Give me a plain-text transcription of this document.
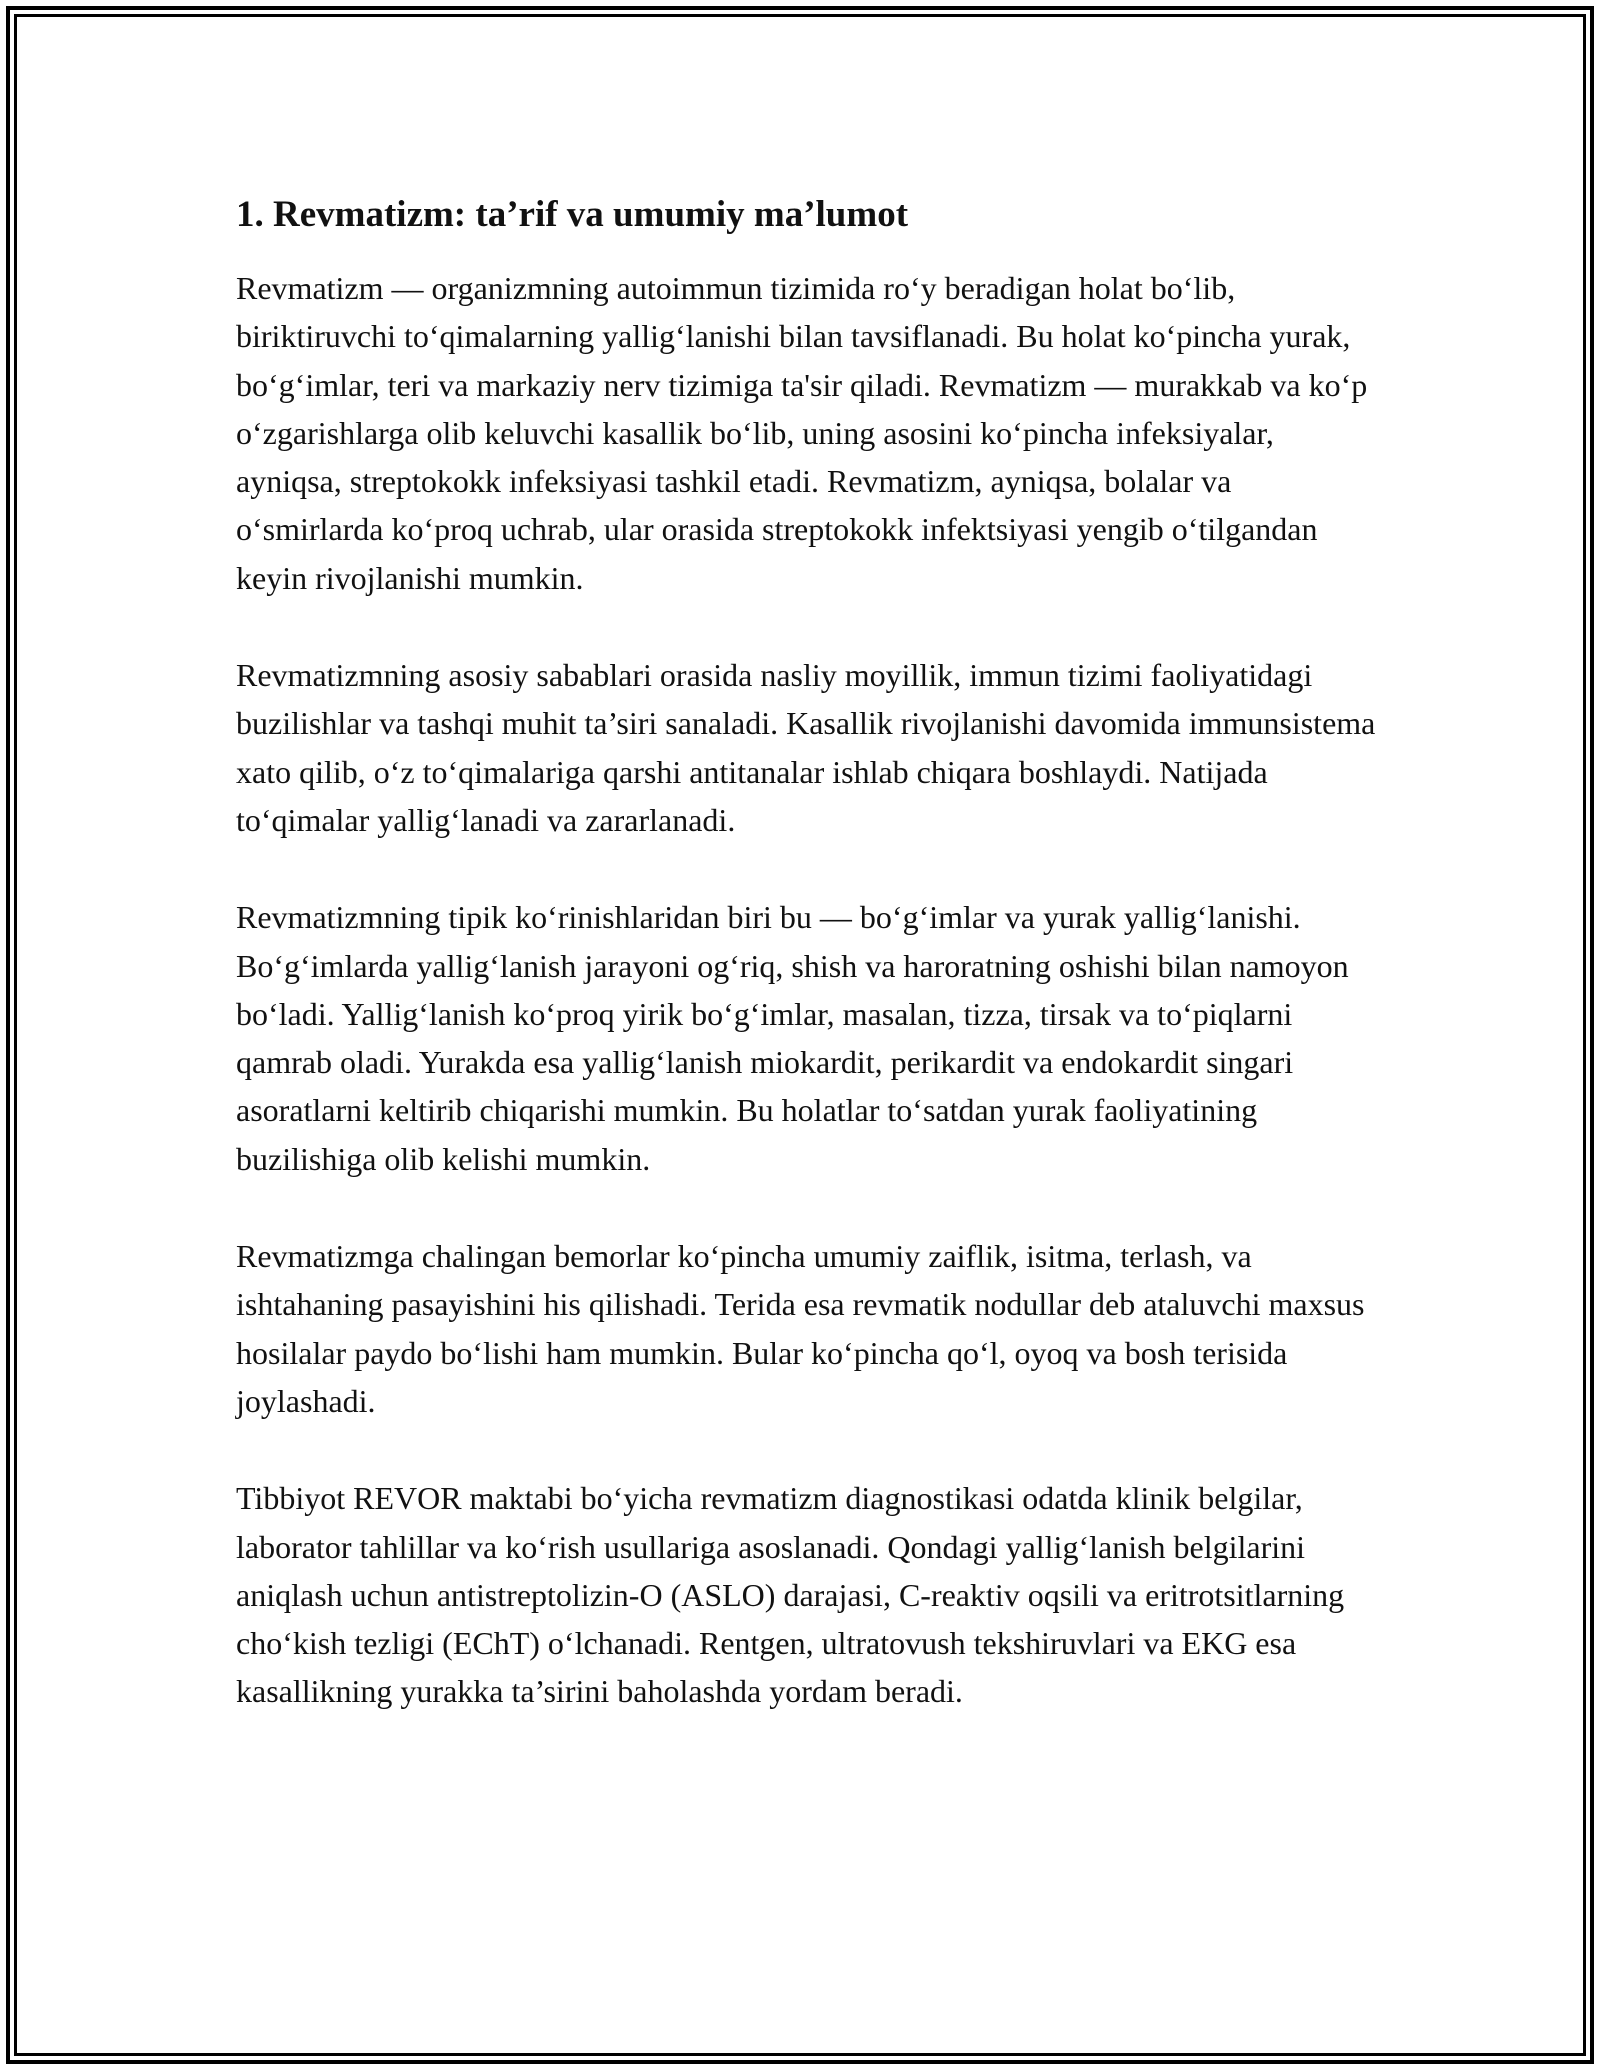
1. Revmatizm: ta’rif va umumiy ma’lumot

Revmatizm — organizmning autoimmun tizimida ro‘y beradigan holat bo‘lib, biriktiruvchi to‘qimalarning yallig‘lanishi bilan tavsiflanadi. Bu holat ko‘pincha yurak, bo‘g‘imlar, teri va markaziy nerv tizimiga ta'sir qiladi. Revmatizm — murakkab va ko‘p o‘zgarishlarga olib keluvchi kasallik bo‘lib, uning asosini ko‘pincha infeksiyalar, ayniqsa, streptokokk infeksiyasi tashkil etadi. Revmatizm, ayniqsa, bolalar va o‘smirlarda ko‘proq uchrab, ular orasida streptokokk infektsiyasi yengib o‘tilgandan keyin rivojlanishi mumkin.

Revmatizmning asosiy sabablari orasida nasliy moyillik, immun tizimi faoliyatidagi buzilishlar va tashqi muhit ta’siri sanaladi. Kasallik rivojlanishi davomida immunsistema xato qilib, o‘z to‘qimalariga qarshi antitanalar ishlab chiqara boshlaydi. Natijada to‘qimalar yallig‘lanadi va zararlanadi.

Revmatizmning tipik ko‘rinishlaridan biri bu — bo‘g‘imlar va yurak yallig‘lanishi. Bo‘g‘imlarda yallig‘lanish jarayoni og‘riq, shish va haroratning oshishi bilan namoyon bo‘ladi. Yallig‘lanish ko‘proq yirik bo‘g‘imlar, masalan, tizza, tirsak va to‘piqlarni qamrab oladi. Yurakda esa yallig‘lanish miokardit, perikardit va endokardit singari asoratlarni keltirib chiqarishi mumkin. Bu holatlar to‘satdan yurak faoliyatining buzilishiga olib kelishi mumkin.

Revmatizmga chalingan bemorlar ko‘pincha umumiy zaiflik, isitma, terlash, va ishtahaning pasayishini his qilishadi. Terida esa revmatik nodullar deb ataluvchi maxsus hosilalar paydo bo‘lishi ham mumkin. Bular ko‘pincha qo‘l, oyoq va bosh terisida joylashadi.

Tibbiyot REVOR maktabi bo‘yicha revmatizm diagnostikasi odatda klinik belgilar, laborator tahlillar va ko‘rish usullariga asoslanadi. Qondagi yallig‘lanish belgilarini aniqlash uchun antistreptolizin-O (ASLO) darajasi, C-reaktiv oqsili va eritrotsitlarning cho‘kish tezligi (EChT) o‘lchanadi. Rentgen, ultratovush tekshiruvlari va EKG esa kasallikning yurakka ta’sirini baholashda yordam beradi.
